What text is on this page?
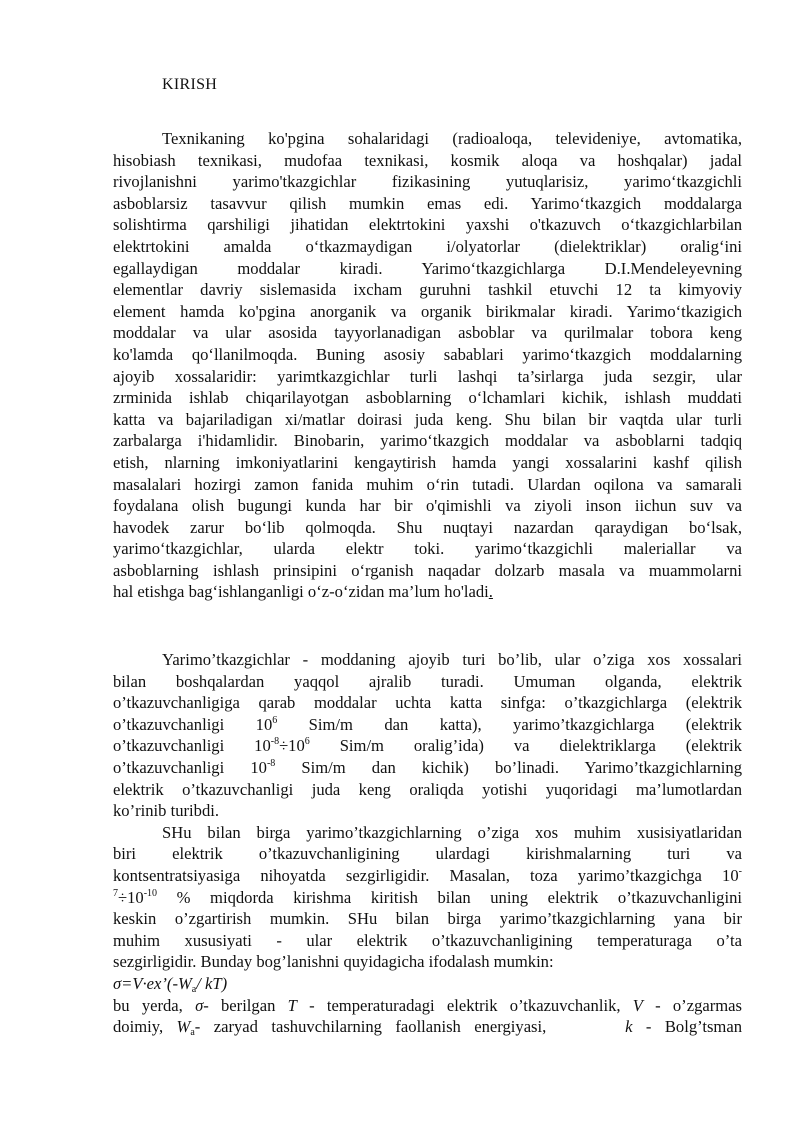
KIRISH
Texnikaning ko'pgina sohalaridagi (radioaloqa, televideniye, avtomatika,
hisobiash texnikasi, mudofaa texnikasi, kosmik aloqa va hoshqalar) jadal
rivojlanishni yarimo'tkazgichlar fizikasining yutuqlarisiz, yarimo‘tkazgichli
asboblarsiz tasavvur qilish mumkin emas edi. Yarimo‘tkazgich moddalarga
solishtirma qarshiligi jihatidan elektrtokini yaxshi o'tkazuvch o‘tkazgichlarbilan
elektrtokini amalda o‘tkazmaydigan i/olyatorlar (dielektriklar) oralig‘ini
egallaydigan moddalar kiradi. Yarimo‘tkazgichlarga D.I.Mendeleyevning
elementlar davriy sislemasida ixcham guruhni tashkil etuvchi 12 ta kimyoviy
element hamda ko'pgina anorganik va organik birikmalar kiradi. Yarimo‘tkazigich
moddalar va ular asosida tayyorlanadigan asboblar va qurilmalar tobora keng
ko'lamda qo‘llanilmoqda. Buning asosiy sabablari yarimo‘tkazgich moddalarning
ajoyib xossalaridir: yarimtkazgichlar turli lashqi ta’sirlarga juda sezgir, ular
zrminida ishlab chiqarilayotgan asboblarning o‘lchamlari kichik, ishlash muddati
katta va bajariladigan xi/matlar doirasi juda keng. Shu bilan bir vaqtda ular turli
zarbalarga i'hidamlidir. Binobarin, yarimo‘tkazgich moddalar va asboblarni tadqiq
etish, nlarning imkoniyatlarini kengaytirish hamda yangi xossalarini kashf qilish
masalalari hozirgi zamon fanida muhim o‘rin tutadi. Ulardan oqilona va samarali
foydalana olish bugungi kunda har bir o'qimishli va ziyoli inson iichun suv va
havodek zarur bo‘lib qolmoqda. Shu nuqtayi nazardan qaraydigan bo‘lsak,
yarimo‘tkazgichlar, ularda elektr toki. yarimo‘tkazgichli maleriallar va
asboblarning ishlash prinsipini o‘rganish naqadar dolzarb masala va muammolarni
hal etishga bag‘ishlanganligi o‘z-o‘zidan ma’lum ho'ladi.
Yarimo’tkazgichlar - moddaning ajoyib turi bo’lib, ular o’ziga xos xossalari
bilan boshqalardan yaqqol ajralib turadi. Umuman olganda, elektrik
o’tkazuvchanligiga qarab moddalar uchta katta sinfga: o’tkazgichlarga (elektrik
o’tkazuvchanligi $10^6$ Sim/m dan katta), yarimo’tkazgichlarga (elektrik
o’tkazuvchanligi $10^{-8}\div 10^6$ Sim/m oralig’ida) va dielektriklarga (elektrik
o’tkazuvchanligi $10^{-8}$ Sim/m dan kichik) bo’linadi. Yarimo’tkazgichlarning
elektrik o’tkazuvchanligi juda keng oraliqda yotishi yuqoridagi ma’lumotlardan
ko’rinib turibdi.
SHu bilan birga yarimo’tkazgichlarning o’ziga xos muhim xusisiyatlaridan
biri elektrik o’tkazuvchanligining ulardagi kirishmalarning turi va
kontsentratsiyasiga nihoyatda sezgirligidir. Masalan, toza yarimo’tkazgichga 10-
$^7\div 10^{-10}$ % miqdorda kirishma kiritish bilan uning elektrik o’tkazuvchanligini
keskin o’zgartirish mumkin. SHu bilan birga yarimo’tkazgichlarning yana bir
muhim xususiyati - ular elektrik o’tkazuvchanligining temperaturaga o’ta
sezgirligidir. Bunday bog’lanishni quyidagicha ifodalash mumkin:
$\sigma=V\cdot ex’(-W_a/$ kT)
bu yerda, σ- berilgan T - temperaturadagi elektrik o’tkazuvchanlik, V - o’zgarmas
doimiy, $W_a-$ zaryad tashuvchilarning faollanish energiyasi,	k - Bolg’tsman
